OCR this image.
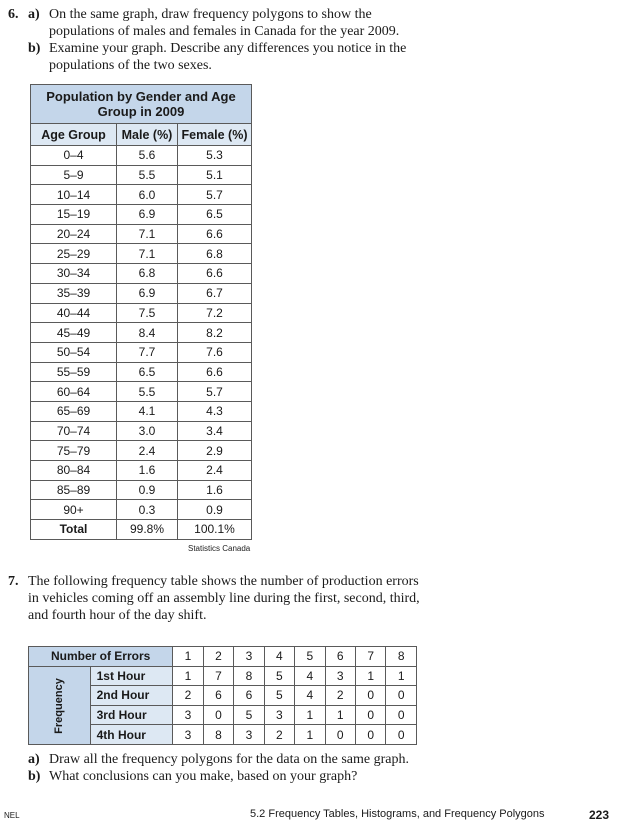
6. a) On the same graph, draw frequency polygons to show the
populations of males and females in Canada for the year 2009.
b) Examine your graph. Describe any differences you notice in the
populations of the two sexes.
Population by Gender and Age
Group in 2009		
Age Group	Male (%)	Female (%)
0–4	5.6	5.3
5–9	5.5	5.1
10–14	6.0	5.7
15–19	6.9	6.5
20–24	7.1	6.6
25–29	7.1	6.8
30–34	6.8	6.6
35–39	6.9	6.7
40–44	7.5	7.2
45–49	8.4	8.2
50–54	7.7	7.6
55–59	6.5	6.6
60–64	5.5	5.7
65–69	4.1	4.3
70–74	3.0	3.4
75–79	2.4	2.9
80–84	1.6	2.4
85–89	0.9	1.6
90+	0.3	0.9
Total	99.8%	100.1%
Statistics Canada
7. The following frequency table shows the number of production errors
in vehicles coming off an assembly line during the first, second, third,
and fourth hour of the day shift.
Number of Errors		1	2	3	4	5	6	7	8
Frequency	1st Hour	1	7	8	5	4	3	1	1
	2nd Hour	2	6	6	5	4	2	0	0
	3rd Hour	3	0	5	3	1	1	0	0
	4th Hour	3	8	3	2	1	0	0	0
a) Draw all the frequency polygons for the data on the same graph.
b) What conclusions can you make, based on your graph?
NEL	5.2 Frequency Tables, Histograms, and Frequency Polygons	223
